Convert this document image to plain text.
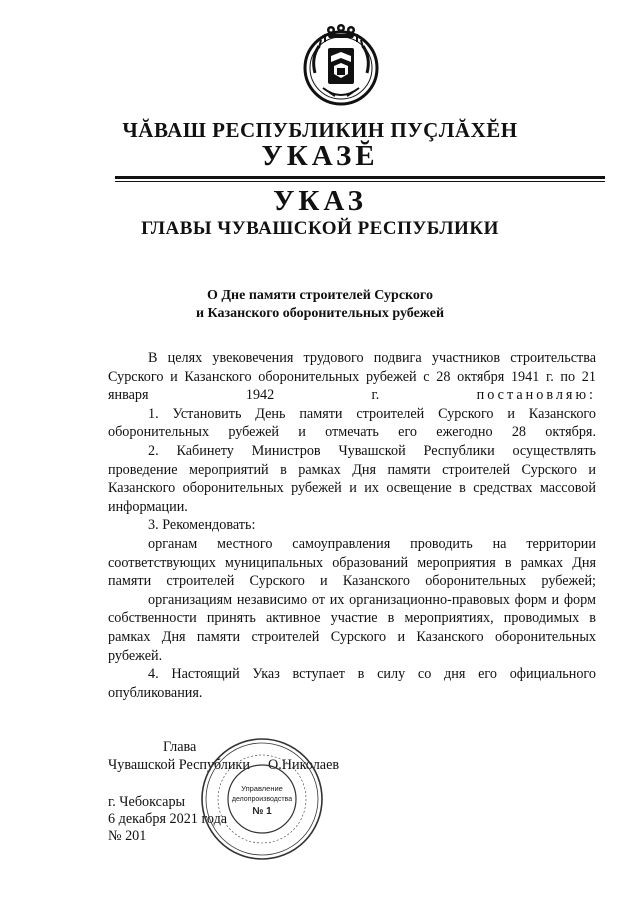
ЧĂВАШ РЕСПУБЛИКИН ПУÇЛĂХĔН
УКАЗĔ
УКАЗ
ГЛАВЫ ЧУВАШСКОЙ РЕСПУБЛИКИ
О Дне памяти строителей Сурского
и Казанского оборонительных рубежей

В целях увековечения трудового подвига участников строительства Сурского и Казанского оборонительных рубежей с 28 октября 1941 г. по 21 января 1942 г. постановляю:

1. Установить День памяти строителей Сурского и Казанского оборонительных рубежей и отмечать его ежегодно 28 октября.

2. Кабинету Министров Чувашской Республики осуществлять проведение мероприятий в рамках Дня памяти строителей Сурского и Казанского оборонительных рубежей и их освещение в средствах массовой информации.

3. Рекомендовать:

органам местного самоуправления проводить на территории соответствующих муниципальных образований мероприятия в рамках Дня памяти строителей Сурского и Казанского оборонительных рубежей;

организациям независимо от их организационно-правовых форм и форм собственности принять активное участие в мероприятиях, проводимых в рамках Дня памяти строителей Сурского и Казанского оборонительных рубежей.

4. Настоящий Указ вступает в силу со дня его официального опубликования.

Глава
Чувашской Республики О.Николаев
г. Чебоксары
6 декабря 2021 года
№ 201
Управление
делопроизводства
№ 1
